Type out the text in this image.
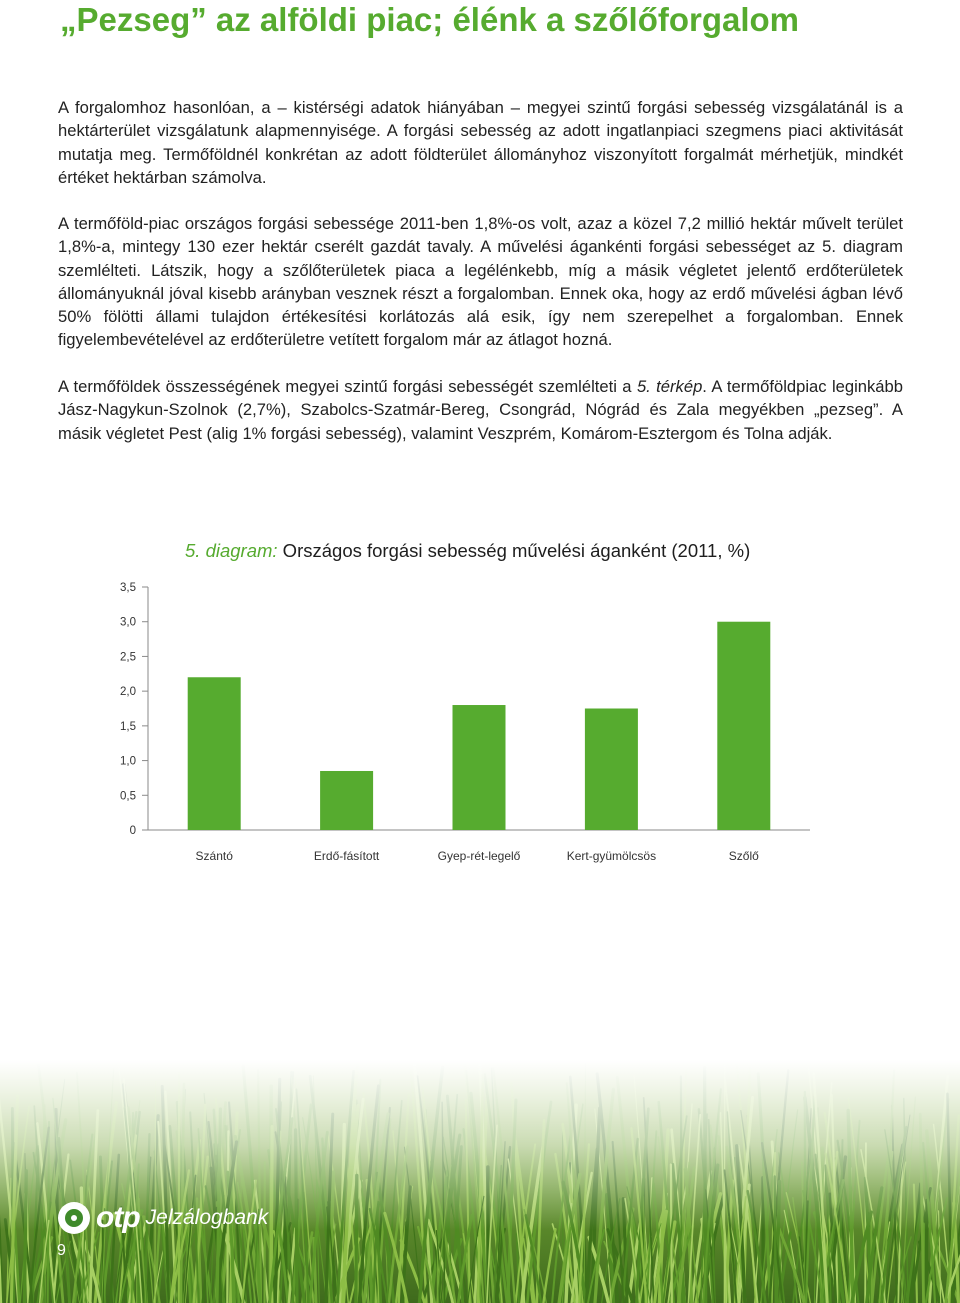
„Pezseg” az alföldi piac; élénk a szőlőforgalom

A forgalomhoz hasonlóan, a – kistérségi adatok hiányában – megyei szintű forgási sebesség vizsgálatánál is a hektárterület vizsgálatunk alapmennyisége. A forgási sebesség az adott ingatlanpiaci szegmens piaci aktivitását mutatja meg. Termőföldnél konkrétan az adott földterület állományhoz viszonyított forgalmát mérhetjük, mindkét értéket hektárban számolva.

A termőföld-piac országos forgási sebessége 2011-ben 1,8%-os volt, azaz a közel 7,2 millió hektár művelt terület 1,8%-a, mintegy 130 ezer hektár cserélt gazdát tavaly. A művelési ágankénti forgási sebességet az 5. diagram szemlélteti. Látszik, hogy a szőlőterületek piaca a legélénkebb, míg a másik végletet jelentő erdőterületek állományuknál jóval kisebb arányban vesznek részt a forgalomban. Ennek oka, hogy az erdő művelési ágban lévő 50% fölötti állami tulajdon értékesítési korlátozás alá esik, így nem szerepelhet a forgalomban. Ennek figyelembevételével az erdőterületre vetített forgalom már az átlagot hozná.

A termőföldek összességének megyei szintű forgási sebességét szemlélteti a 5. térkép. A termőföldpiac leginkább Jász-Nagykun-Szolnok (2,7%), Szabolcs-Szatmár-Bereg, Csongrád, Nógrád és Zala megyékben „pezseg”. A másik végletet Pest (alig 1% forgási sebesség), valamint Veszprém, Komárom-Esztergom és Tolna adják.

5. diagram: Országos forgási sebesség művelési áganként (2011, %)
0
0,5
1,0
1,5
2,0
2,5
3,0
3,5
Szántó	Erdő-fásított	Gyep-rét-legelő	Kert-gyümölcsös	Szőlő
otp Jelzálogbank
9
